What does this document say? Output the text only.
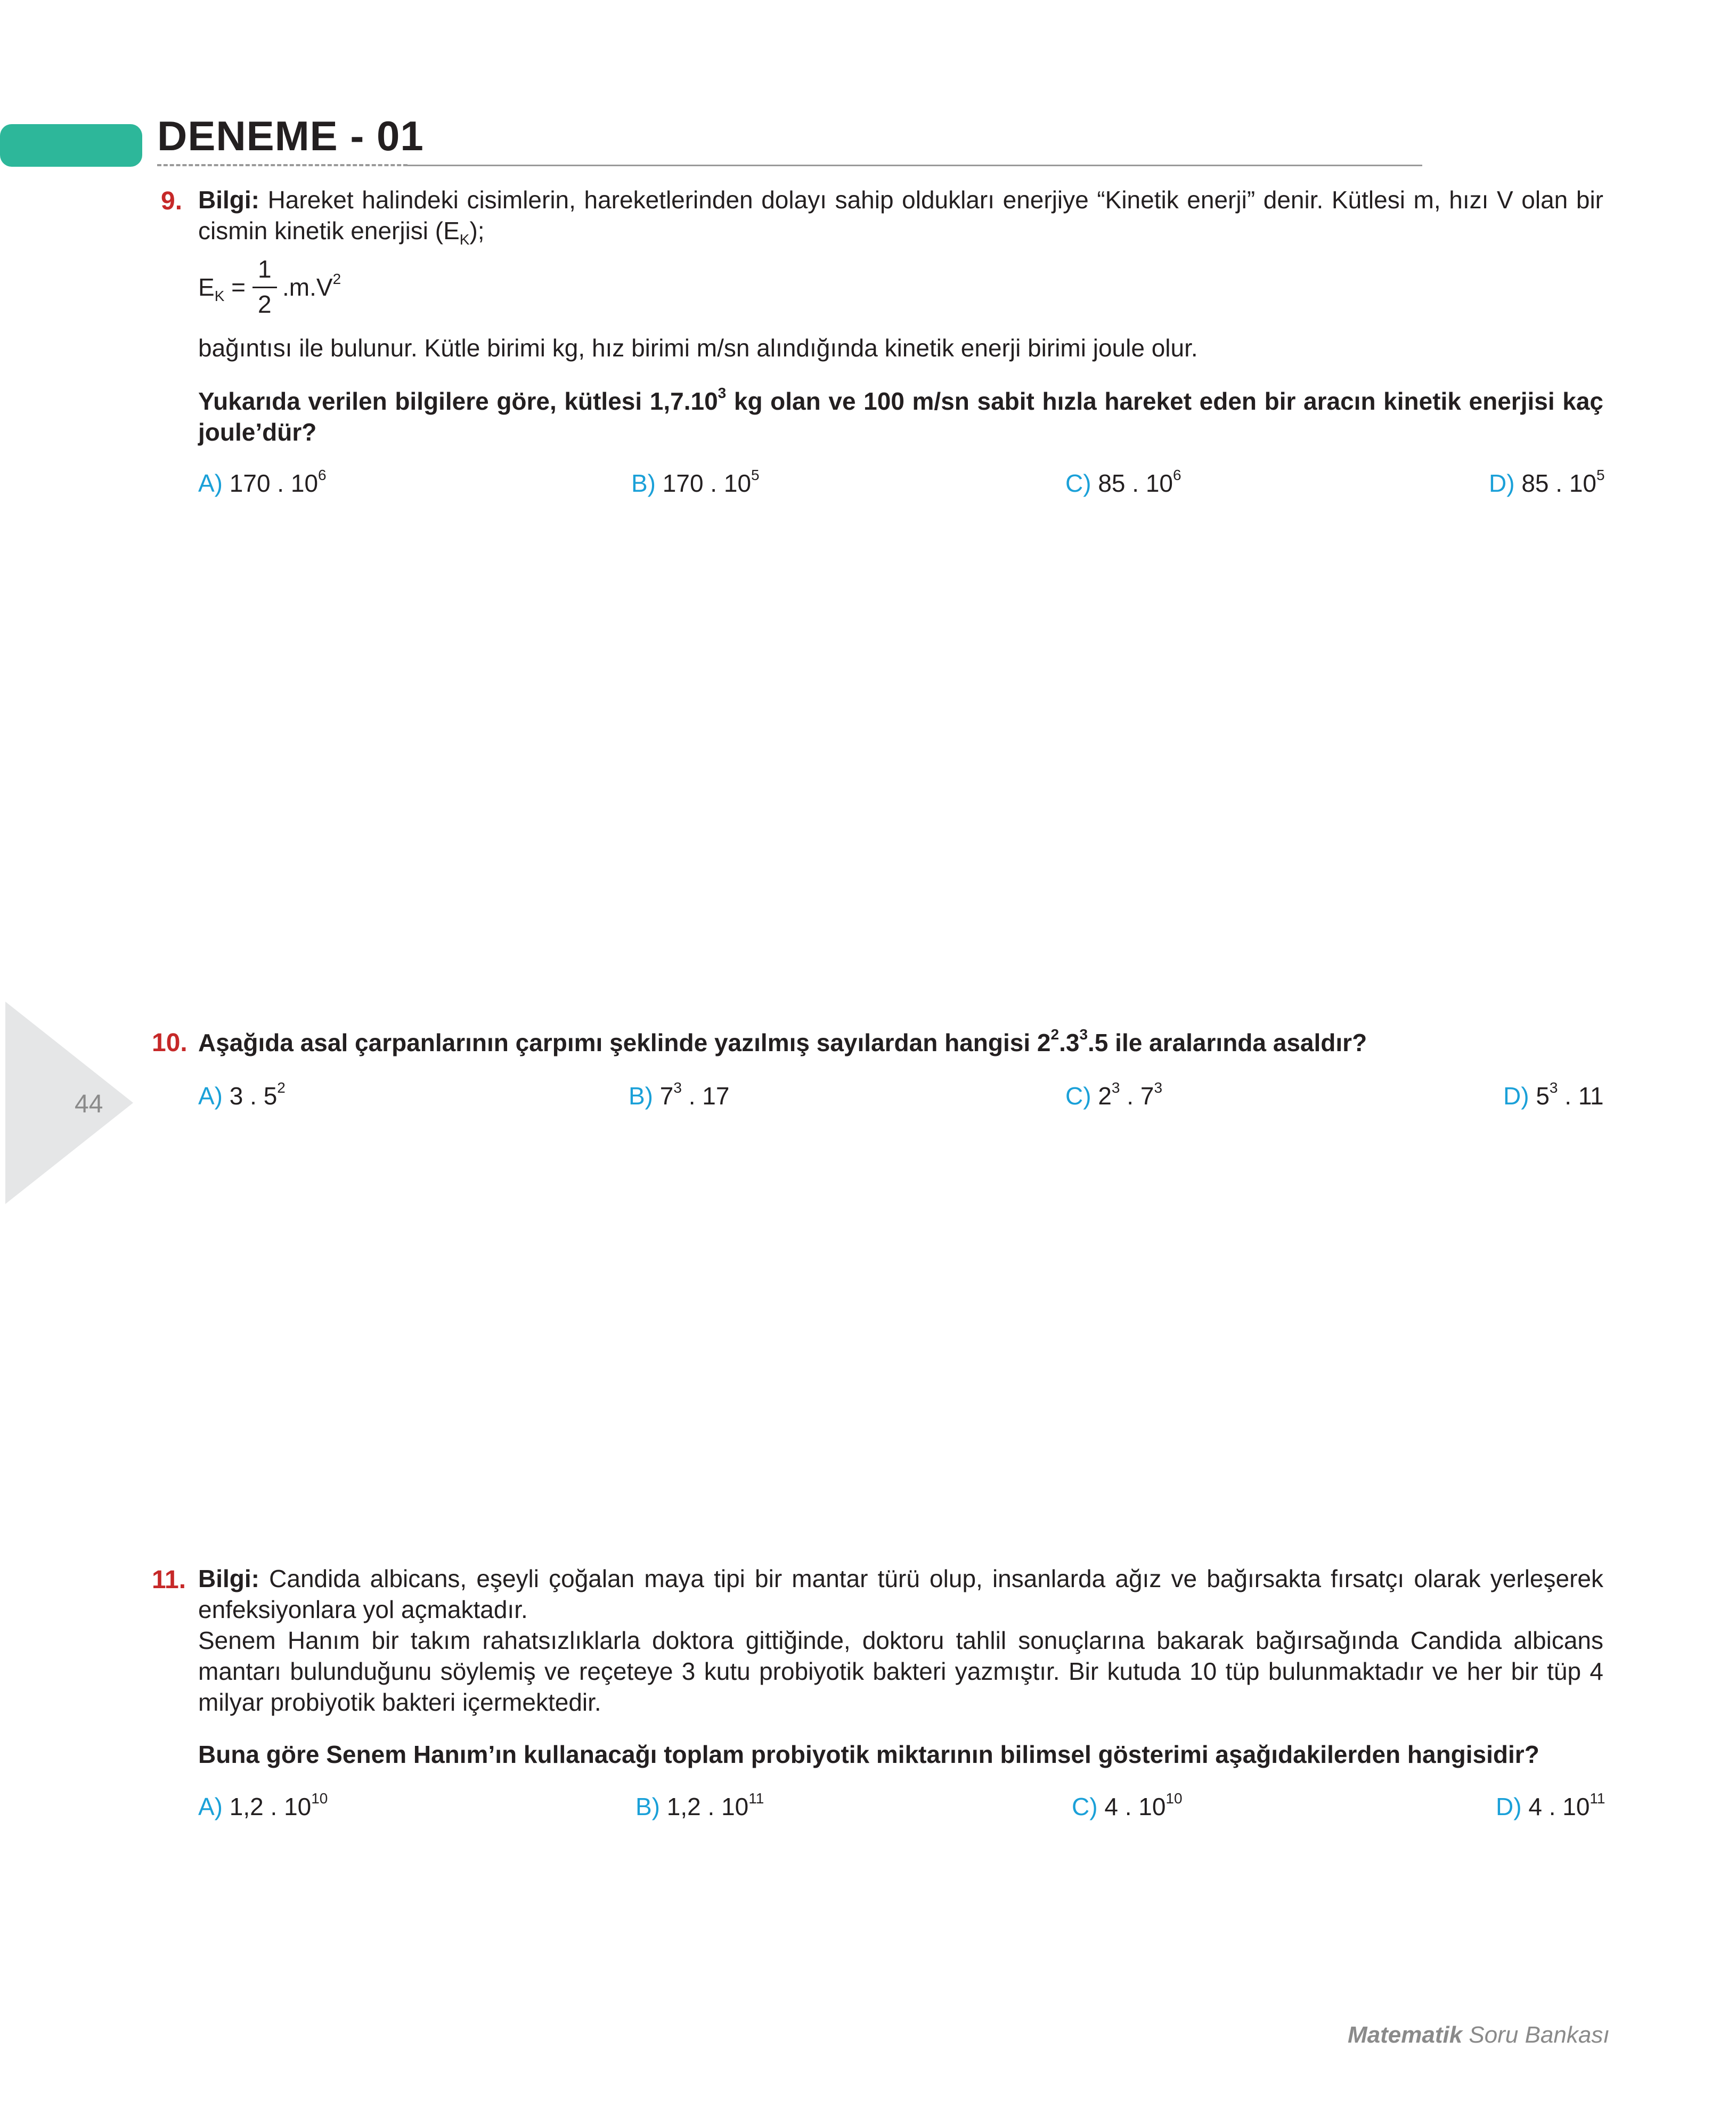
DENEME - 01
9. Bilgi: Hareket halindeki cisimlerin, hareketlerinden dolayı sahip oldukları enerjiye “Kinetik enerji” denir. Kütlesi m, hızı V olan bir cismin kinetik enerjisi $(E_K)$;
$E_K$ =
1
2
$.m.V^2$
bağıntısı ile bulunur. Kütle birimi kg, hız birimi m/sn alındığında kinetik enerji birimi joule olur.
Yukarıda verilen bilgilere göre, kütlesi 1,7.10$^3$ kg olan ve 100 m/sn sabit hızla hareket eden bir aracın kinetik enerjisi kaç joule’dür?
A) 170 . $10^6$	B) 170 . $10^5$	C) 85 . $10^6$	D) 85 . $10^5$
44
10. Aşağıda asal çarpanlarının çarpımı şeklinde yazılmış sayılardan hangisi $2^2.3^3.5$ ile aralarında asaldır?
A) 3 . $5^2$	B) $7^3$ . 17	C) $2^3$ . $7^3$	D) $5^3$ . 11
11. Bilgi: Candida albicans, eşeyli çoğalan maya tipi bir mantar türü olup, insanlarda ağız ve bağırsakta fırsatçı olarak yerleşerek enfeksiyonlara yol açmaktadır.
Senem Hanım bir takım rahatsızlıklarla doktora gittiğinde, doktoru tahlil sonuçlarına bakarak bağırsağında Candida albicans mantarı bulunduğunu söylemiş ve reçeteye 3 kutu probiyotik bakteri yazmıştır. Bir kutuda 10 tüp bulunmaktadır ve her bir tüp 4 milyar probiyotik bakteri içermektedir.
Buna göre Senem Hanım’ın kullanacağı toplam probiyotik miktarının bilimsel gösterimi aşağıdakilerden hangisidir?
A) 1,2 . $10^{10}$	B) 1,2 . $10^{11}$	C) 4 . $10^{10}$	D) 4 . $10^{11}$
Matematik Soru Bankası
